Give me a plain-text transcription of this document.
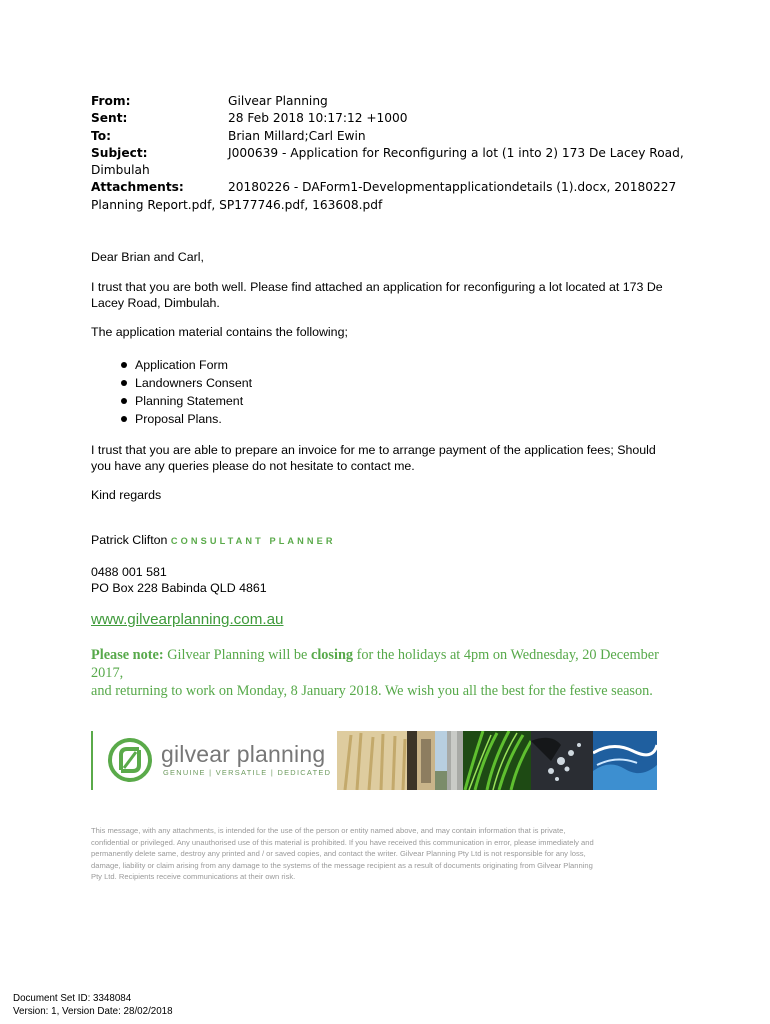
From:	Gilvear Planning
Sent:	28 Feb 2018 10:17:12 +1000
To:	Brian Millard;Carl Ewin
Subject:	J000639 - Application for Reconfiguring a lot (1 into 2) 173 De Lacey Road,
Dimbulah
Attachments:	20180226 - DAForm1-Developmentapplicationdetails (1).docx, 20180227
Planning Report.pdf, SP177746.pdf, 163608.pdf
Dear Brian and Carl,
I trust that you are both well. Please find attached an application for reconfiguring a lot located at 173 De
Lacey Road, Dimbulah.
The application material contains the following;
Application Form
Landowners Consent
Planning Statement
Proposal Plans.
I trust that you are able to prepare an invoice for me to arrange payment of the application fees; Should
you have any queries please do not hesitate to contact me.
Kind regards
Patrick Clifton CONSULTANT PLANNER
0488 001 581
PO Box 228 Babinda QLD 4861
www.gilvearplanning.com.au
Please note: Gilvear Planning will be closing for the holidays at 4pm on Wednesday, 20 December 2017,
and returning to work on Monday, 8 January 2018. We wish you all the best for the festive season.
gilvear planning
GENUINE | VERSATILE | DEDICATED
This message, with any attachments, is intended for the use of the person or entity named above, and may contain information that is private,
confidential or privileged. Any unauthorised use of this material is prohibited. If you have received this communication in error, please immediately and
permanently delete same, destroy any printed and / or saved copies, and contact the writer. Gilvear Planning Pty Ltd is not responsible for any loss,
damage, liability or claim arising from any damage to the systems of the message recipient as a result of documents originating from Gilvear Planning
Pty Ltd. Recipients receive communications at their own risk.
Document Set ID: 3348084
Version: 1, Version Date: 28/02/2018
